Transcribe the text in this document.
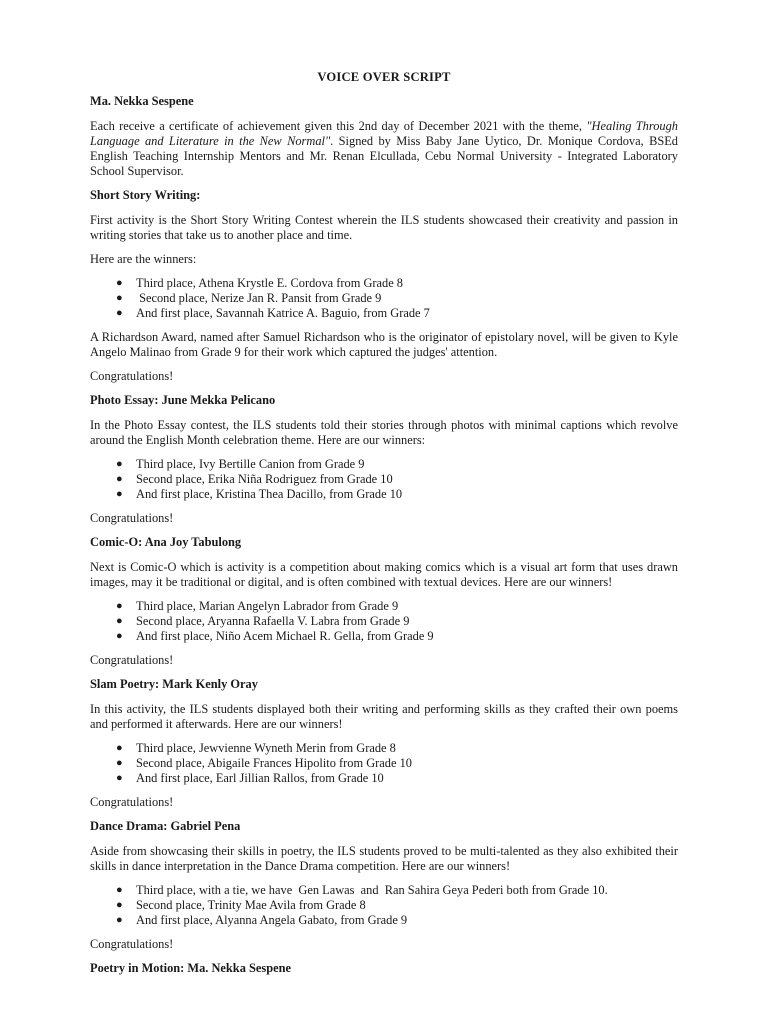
VOICE OVER SCRIPT
Ma. Nekka Sespene

Each receive a certificate of achievement given this 2nd day of December 2021 with the theme, "Healing Through Language and Literature in the New Normal". Signed by Miss Baby Jane Uytico, Dr. Monique Cordova, BSEd English Teaching Internship Mentors and Mr. Renan Elcullada, Cebu Normal University - Integrated Laboratory School Supervisor.

Short Story Writing:

First activity is the Short Story Writing Contest wherein the ILS students showcased their creativity and passion in writing stories that take us to another place and time.

Here are the winners:

● Third place, Athena Krystle E. Cordova from Grade 8
● Second place, Nerize Jan R. Pansit from Grade 9
● And first place, Savannah Katrice A. Baguio, from Grade 7

A Richardson Award, named after Samuel Richardson who is the originator of epistolary novel, will be given to Kyle Angelo Malinao from Grade 9 for their work which captured the judges' attention.

Congratulations!

Photo Essay: June Mekka Pelicano

In the Photo Essay contest, the ILS students told their stories through photos with minimal captions which revolve around the English Month celebration theme. Here are our winners:

● Third place, Ivy Bertille Canion from Grade 9
● Second place, Erika Niña Rodriguez from Grade 10
● And first place, Kristina Thea Dacillo, from Grade 10

Congratulations!

Comic-O: Ana Joy Tabulong

Next is Comic-O which is activity is a competition about making comics which is a visual art form that uses drawn images, may it be traditional or digital, and is often combined with textual devices. Here are our winners!

● Third place, Marian Angelyn Labrador from Grade 9
● Second place, Aryanna Rafaella V. Labra from Grade 9
● And first place, Niño Acem Michael R. Gella, from Grade 9

Congratulations!

Slam Poetry: Mark Kenly Oray

In this activity, the ILS students displayed both their writing and performing skills as they crafted their own poems and performed it afterwards. Here are our winners!

● Third place, Jewvienne Wyneth Merin from Grade 8
● Second place, Abigaile Frances Hipolito from Grade 10
● And first place, Earl Jillian Rallos, from Grade 10

Congratulations!

Dance Drama: Gabriel Pena

Aside from showcasing their skills in poetry, the ILS students proved to be multi-talented as they also exhibited their skills in dance interpretation in the Dance Drama competition. Here are our winners!

● Third place, with a tie, we have  Gen Lawas  and  Ran Sahira Geya Pederi both from Grade 10.
● Second place, Trinity Mae Avila from Grade 8
● And first place, Alyanna Angela Gabato, from Grade 9

Congratulations!

Poetry in Motion: Ma. Nekka Sespene
